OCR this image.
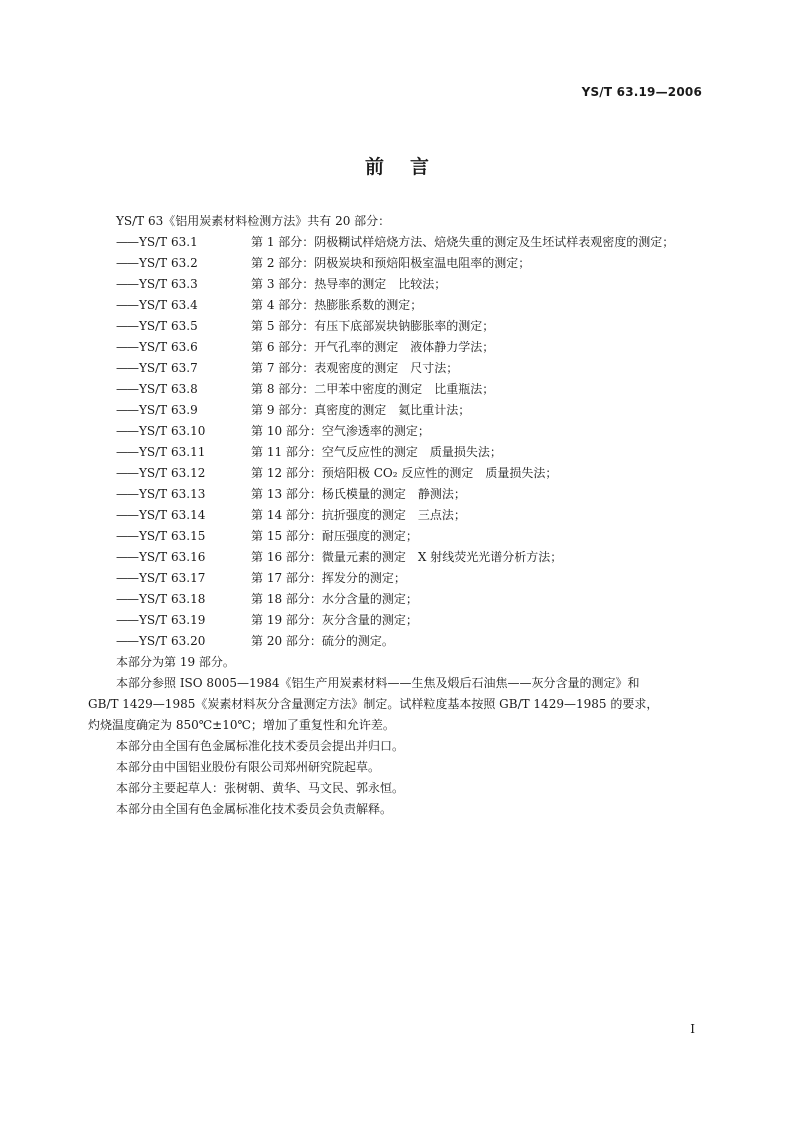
YS/T 63.19—2006
前言

YS/T 63《铝用炭素材料检测方法》共有 20 部分：

——YS/T 63.1	第 1 部分：阴极糊试样焙烧方法、焙烧失重的测定及生坯试样表观密度的测定；

——YS/T 63.2	第 2 部分：阴极炭块和预焙阳极室温电阻率的测定；

——YS/T 63.3	第 3 部分：热导率的测定　比较法；

——YS/T 63.4	第 4 部分：热膨胀系数的测定；

——YS/T 63.5	第 5 部分：有压下底部炭块钠膨胀率的测定；

——YS/T 63.6	第 6 部分：开气孔率的测定　液体静力学法；

——YS/T 63.7	第 7 部分：表观密度的测定　尺寸法；

——YS/T 63.8	第 8 部分：二甲苯中密度的测定　比重瓶法；

——YS/T 63.9	第 9 部分：真密度的测定　氦比重计法；

——YS/T 63.10	第 10 部分：空气渗透率的测定；

——YS/T 63.11	第 11 部分：空气反应性的测定　质量损失法；

——YS/T 63.12	第 12 部分：预焙阳极 CO₂ 反应性的测定　质量损失法；

——YS/T 63.13	第 13 部分：杨氏模量的测定　静测法；

——YS/T 63.14	第 14 部分：抗折强度的测定　三点法；

——YS/T 63.15	第 15 部分：耐压强度的测定；

——YS/T 63.16	第 16 部分：微量元素的测定　X 射线荧光光谱分析方法；

——YS/T 63.17	第 17 部分：挥发分的测定；

——YS/T 63.18	第 18 部分：水分含量的测定；

——YS/T 63.19	第 19 部分：灰分含量的测定；

——YS/T 63.20	第 20 部分：硫分的测定。

本部分为第 19 部分。

本部分参照 ISO 8005—1984《铝生产用炭素材料——生焦及煅后石油焦——灰分含量的测定》和

GB/T 1429—1985《炭素材料灰分含量测定方法》制定。试样粒度基本按照 GB/T 1429—1985 的要求，

灼烧温度确定为 850℃±10℃；增加了重复性和允许差。

本部分由全国有色金属标准化技术委员会提出并归口。

本部分由中国铝业股份有限公司郑州研究院起草。

本部分主要起草人：张树朝、黄华、马文民、郭永恒。

本部分由全国有色金属标准化技术委员会负责解释。

I
